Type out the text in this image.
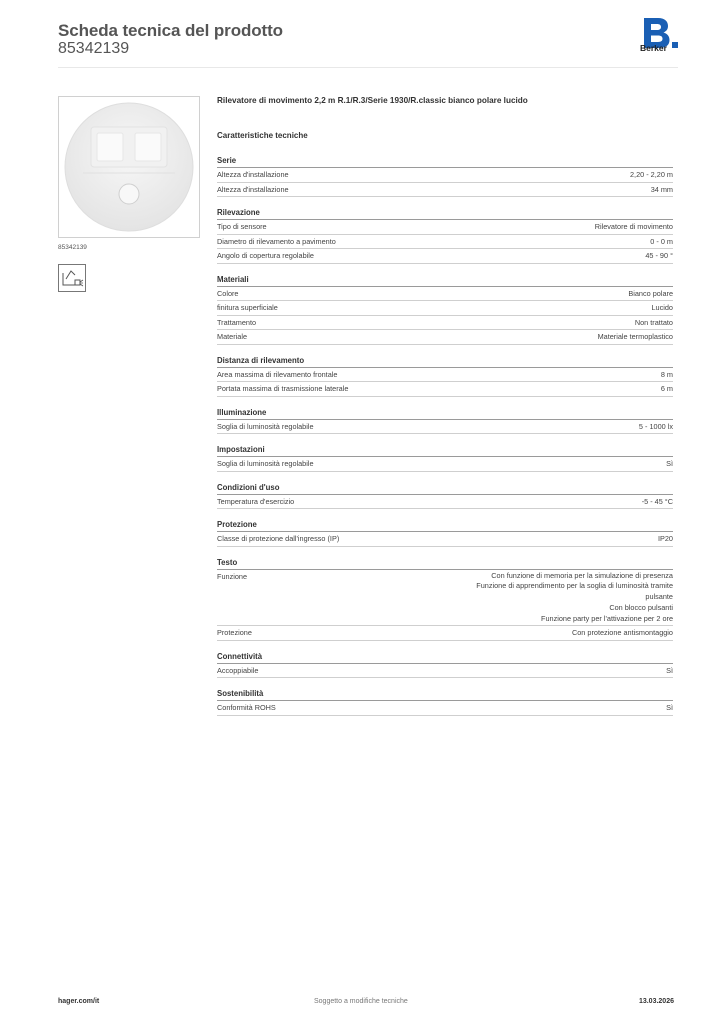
Scheda tecnica del prodotto
85342139	Berker
85342139
Rilevatore di movimento 2,2 m R.1/R.3/Serie 1930/R.classic bianco polare lucido
Caratteristiche tecniche
Serie
Altezza d'installazione	2,20 - 2,20 m
Altezza d'installazione	34 mm
Rilevazione
Tipo di sensore	Rilevatore di movimento
Diametro di rilevamento a pavimento	0 - 0 m
Angolo di copertura regolabile	45 - 90 °
Materiali
Colore	Bianco polare
finitura superficiale	Lucido
Trattamento	Non trattato
Materiale	Materiale termoplastico
Distanza di rilevamento
Area massima di rilevamento frontale	8 m
Portata massima di trasmissione laterale	6 m
Illuminazione
Soglia di luminosità regolabile	5 - 1000 lx
Impostazioni
Soglia di luminosità regolabile	Sì
Condizioni d'uso
Temperatura d'esercizio	-5 - 45 °C
Protezione
Classe di protezione dall'ingresso (IP)	IP20
Testo
Funzione	Con funzione di memoria per la simulazione di presenza
Funzione di apprendimento per la soglia di luminosità tramite
pulsante
Con blocco pulsanti
Funzione party per l'attivazione per 2 ore
Protezione	Con protezione antismontaggio
Connettività
Accoppiabile	Sì
Sostenibilità
Conformità ROHS	Sì
hager.com/it	Soggetto a modifiche tecniche	13.03.2026
